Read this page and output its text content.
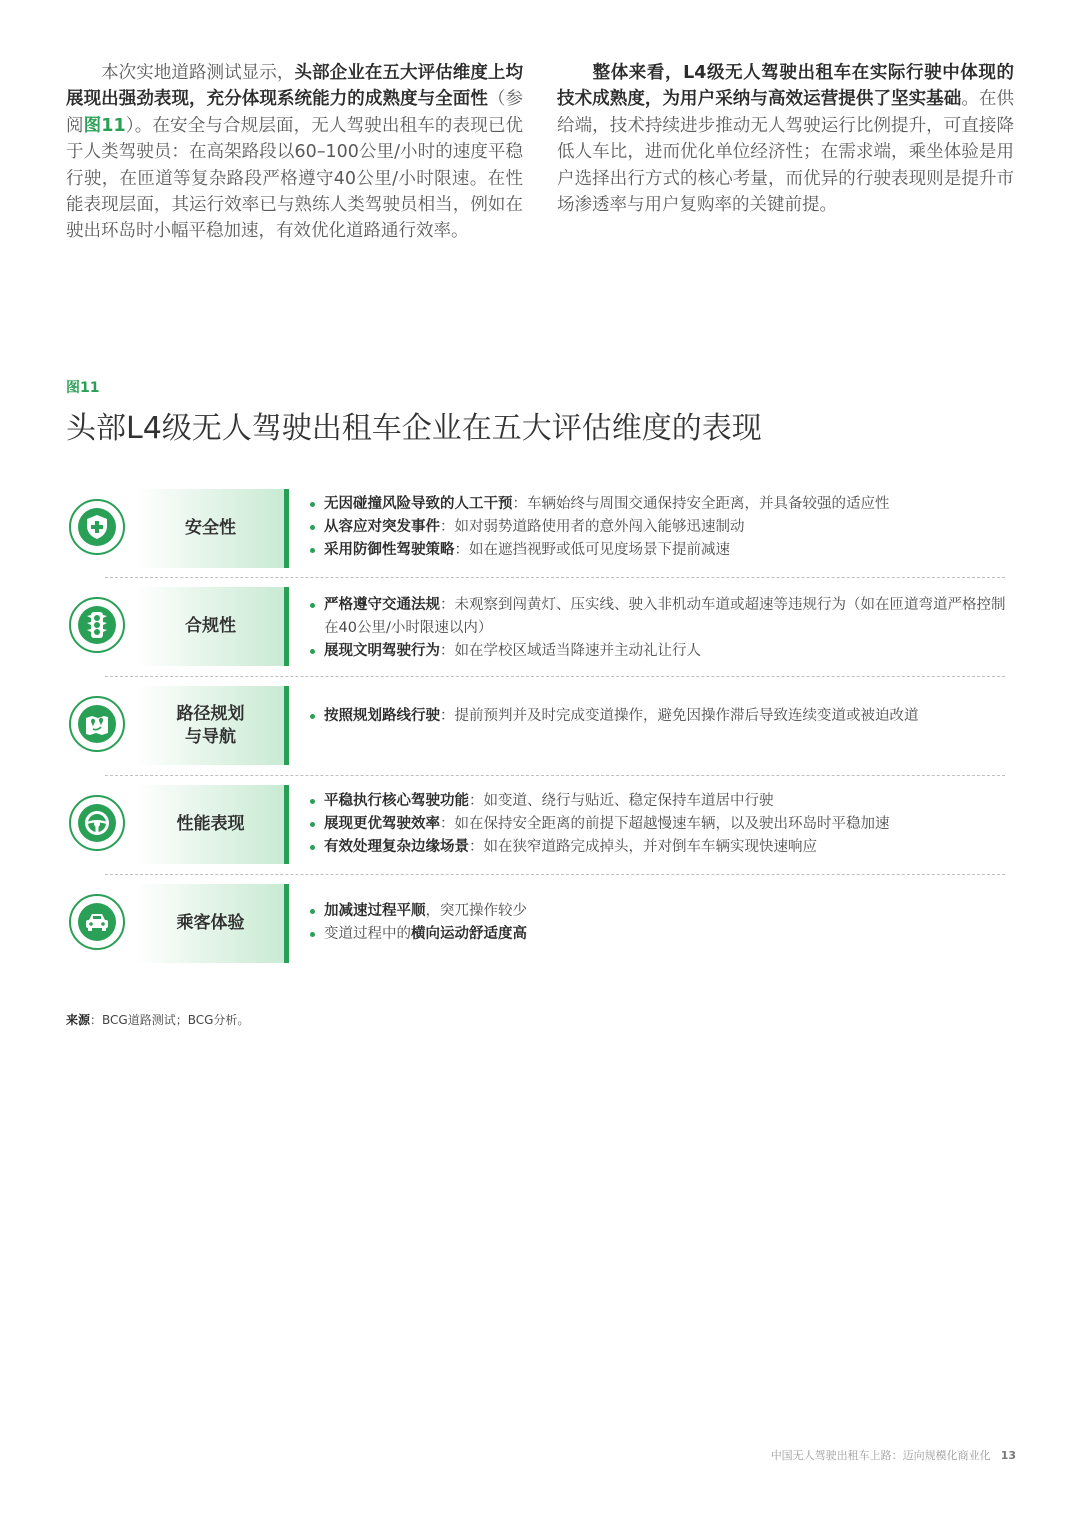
本次实地道路测试显示，头部企业在五大评估维度上均展现出强劲表现，充分体现系统能力的成熟度与全面性（参阅图11）。在安全与合规层面，无人驾驶出租车的表现已优于人类驾驶员：在高架路段以60–100公里/小时的速度平稳行驶，在匝道等复杂路段严格遵守40公里/小时限速。在性能表现层面，其运行效率已与熟练人类驾驶员相当，例如在驶出环岛时小幅平稳加速，有效优化道路通行效率。
整体来看，L4级无人驾驶出租车在实际行驶中体现的技术成熟度，为用户采纳与高效运营提供了坚实基础。在供给端，技术持续进步推动无人驾驶运行比例提升，可直接降低人车比，进而优化单位经济性；在需求端，乘坐体验是用户选择出行方式的核心考量，而优异的行驶表现则是提升市场渗透率与用户复购率的关键前提。
图11
头部L4级无人驾驶出租车企业在五大评估维度的表现
安全性
无因碰撞风险导致的人工干预：车辆始终与周围交通保持安全距离，并具备较强的适应性
从容应对突发事件：如对弱势道路使用者的意外闯入能够迅速制动
采用防御性驾驶策略：如在遮挡视野或低可见度场景下提前减速
合规性
严格遵守交通法规：未观察到闯黄灯、压实线、驶入非机动车道或超速等违规行为（如在匝道弯道严格控制在40公里/小时限速以内）
展现文明驾驶行为：如在学校区域适当降速并主动礼让行人
路径规划
与导航
按照规划路线行驶：提前预判并及时完成变道操作，避免因操作滞后导致连续变道或被迫改道
性能表现
平稳执行核心驾驶功能：如变道、绕行与贴近、稳定保持车道居中行驶
展现更优驾驶效率：如在保持安全距离的前提下超越慢速车辆，以及驶出环岛时平稳加速
有效处理复杂边缘场景：如在狭窄道路完成掉头，并对倒车车辆实现快速响应
乘客体验
加减速过程平顺，突兀操作较少
变道过程中的横向运动舒适度高
来源：BCG道路测试；BCG分析。
中国无人驾驶出租车上路：迈向规模化商业化 13
